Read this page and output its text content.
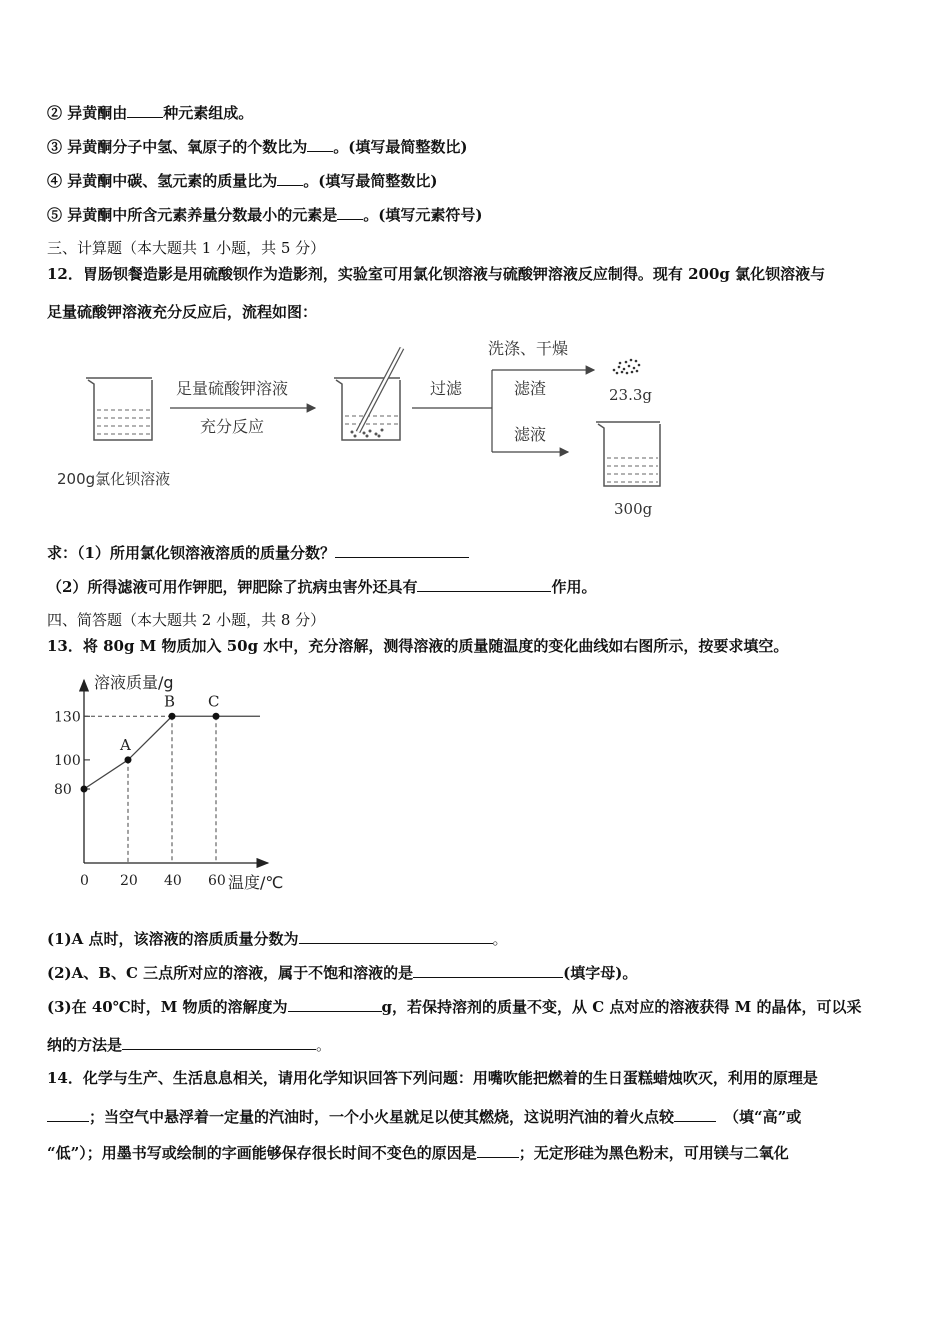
② 异黄酮由 种元素组成。
③ 异黄酮分子中氢、氧原子的个数比为 。(填写最简整数比)
④ 异黄酮中碳、氢元素的质量比为 。(填写最简整数比)
⑤ 异黄酮中所含元素养量分数最小的元素是 。(填写元素符号)
三、计算题（本大题共 1 小题，共 5 分）
12．胃肠钡餐造影是用硫酸钡作为造影剂，实验室可用氯化钡溶液与硫酸钾溶液反应制得。现有 200g 氯化钡溶液与
足量硫酸钾溶液充分反应后，流程如图：
200g氯化钡溶液
足量硫酸钾溶液
充分反应
过滤
洗涤、干燥
滤渣
滤液
23.3g
300g
求：（1）所用氯化钡溶液溶质的质量分数？
（2）所得滤液可用作钾肥，钾肥除了抗病虫害外还具有	作用。
四、简答题（本大题共 2 小题，共 8 分）
13．将 80g M 物质加入 50g 水中，充分溶解，测得溶液的质量随温度的变化曲线如右图所示，按要求填空。
溶液质量/g
温度/℃
80
100
130
0 20 40 60
A
B C
(1)A 点时，该溶液的溶质质量分数为	。
(2)A、B、C 三点所对应的溶液，属于不饱和溶液的是	(填字母)。
(3)在 40℃时，M 物质的溶解度为	g，若保持溶剂的质量不变，从 C 点对应的溶液获得 M 的晶体，可以采
纳的方法是	。
14．化学与生产、生活息息相关，请用化学知识回答下列问题：用嘴吹能把燃着的生日蛋糕蜡烛吹灭，利用的原理是
；当空气中悬浮着一定量的汽油时，一个小火星就足以使其燃烧，这说明汽油的着火点较	（填“高”或
“低”）；用墨书写或绘制的字画能够保存很长时间不变色的原因是	；无定形硅为黑色粉末，可用镁与二氧化
